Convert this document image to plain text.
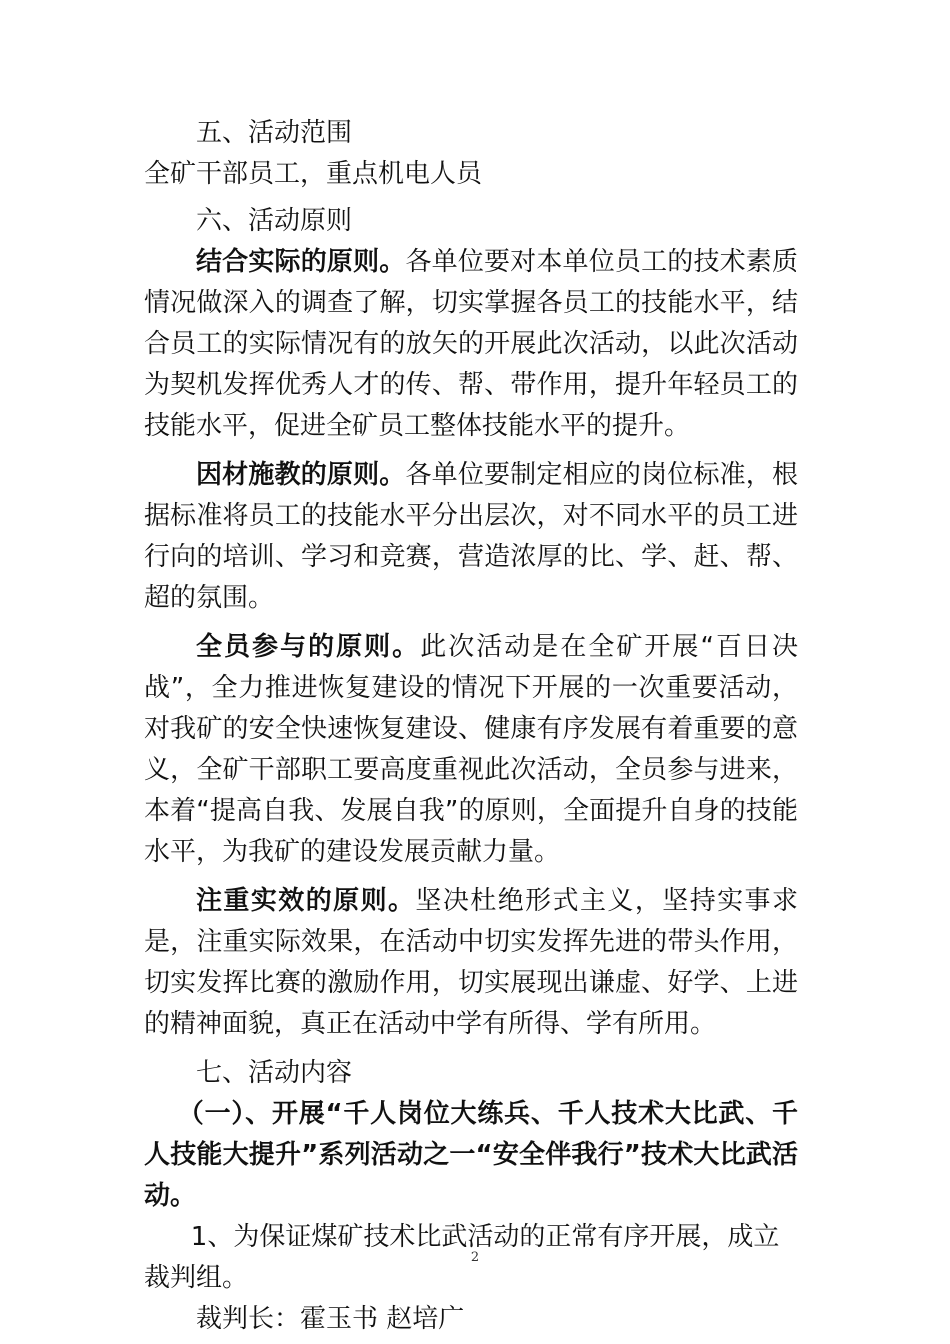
五、活动范围

全矿干部员工，重点机电人员

六、活动原则

结合实际的原则。各单位要对本单位员工的技术素质情况做深入的调查了解，切实掌握各员工的技能水平，结合员工的实际情况有的放矢的开展此次活动，以此次活动为契机发挥优秀人才的传、帮、带作用，提升年轻员工的技能水平，促进全矿员工整体技能水平的提升。

因材施教的原则。各单位要制定相应的岗位标准，根据标准将员工的技能水平分出层次，对不同水平的员工进行向的培训、学习和竞赛，营造浓厚的比、学、赶、帮、超的氛围。

全员参与的原则。此次活动是在全矿开展“百日决战”，全力推进恢复建设的情况下开展的一次重要活动，对我矿的安全快速恢复建设、健康有序发展有着重要的意义，全矿干部职工要高度重视此次活动，全员参与进来，本着“提高自我、发展自我”的原则，全面提升自身的技能水平，为我矿的建设发展贡献力量。

注重实效的原则。坚决杜绝形式主义，坚持实事求是，注重实际效果，在活动中切实发挥先进的带头作用，切实发挥比赛的激励作用，切实展现出谦虚、好学、上进的精神面貌，真正在活动中学有所得、学有所用。

七、活动内容

（一）、开展“千人岗位大练兵、千人技术大比武、千人技能大提升”系列活动之一“安全伴我行”技术大比武活动。

1、为保证煤矿技术比武活动的正常有序开展，成立裁判组。

裁判长：霍玉书 赵培广

2
